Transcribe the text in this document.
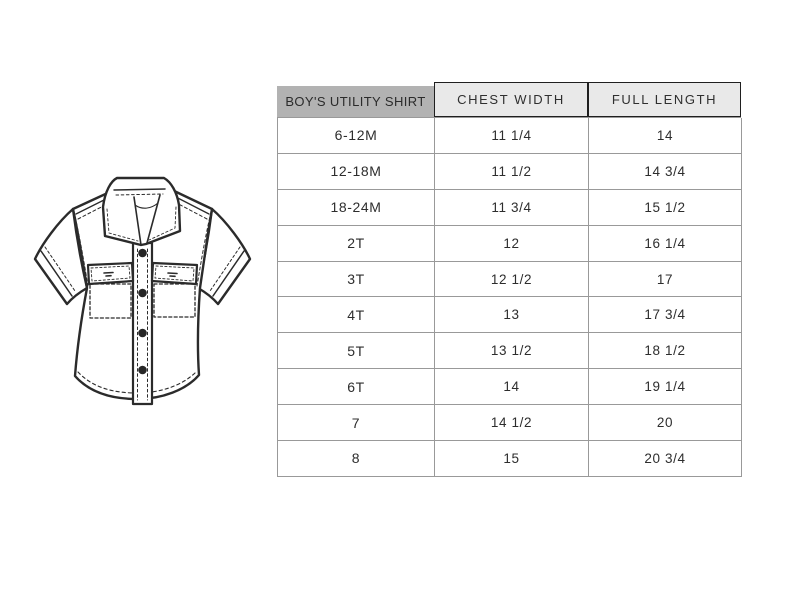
BOY'S UTILITY SHIRT	CHEST WIDTH	FULL LENGTH
6-12M	11 1/4	14
12-18M	11 1/2	14 3/4
18-24M	11 3/4	15 1/2
2T	12	16 1/4
3T	12 1/2	17
4T	13	17 3/4
5T	13 1/2	18 1/2
6T	14	19 1/4
7	14 1/2	20
8	15	20 3/4
